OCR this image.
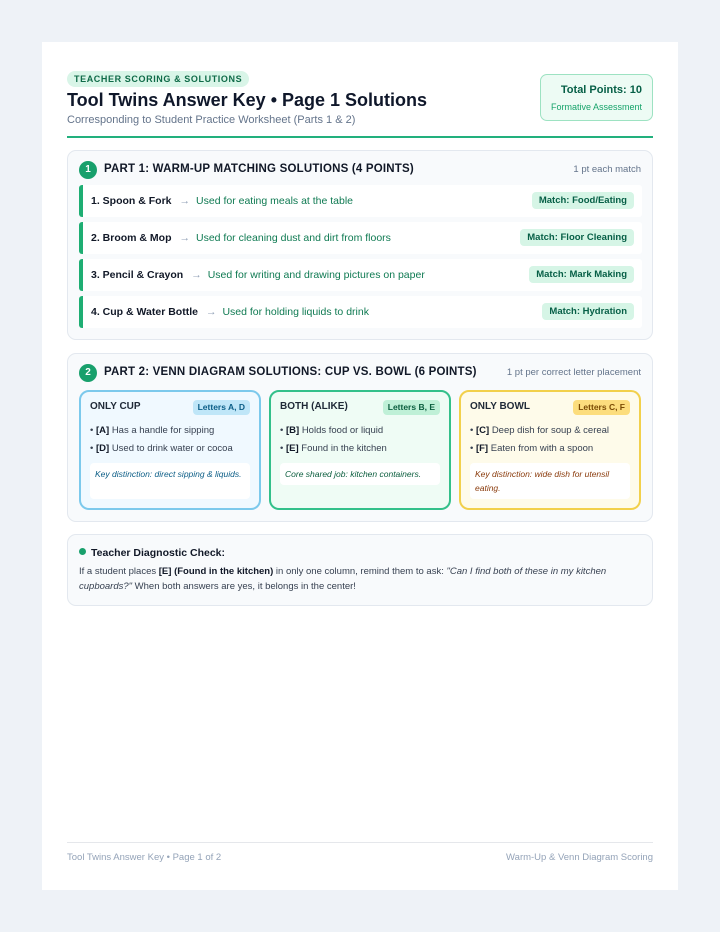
TEACHER SCORING & SOLUTIONS
Tool Twins Answer Key • Page 1 Solutions
Corresponding to Student Practice Worksheet (Parts 1 & 2)
Total Points: 10
Formative Assessment
1	PART 1: WARM-UP MATCHING SOLUTIONS (4 POINTS)	1 pt each match
1. Spoon & Fork → Used for eating meals at the table	Match: Food/Eating
2. Broom & Mop → Used for cleaning dust and dirt from floors	Match: Floor Cleaning
3. Pencil & Crayon → Used for writing and drawing pictures on paper	Match: Mark Making
4. Cup & Water Bottle → Used for holding liquids to drink	Match: Hydration
2	PART 2: VENN DIAGRAM SOLUTIONS: CUP VS. BOWL (6 POINTS)	1 pt per correct letter placement
ONLY CUP	Letters A, D
• [A] Has a handle for sipping
• [D] Used to drink water or cocoa
Key distinction: direct sipping & liquids.
BOTH (ALIKE)	Letters B, E
• [B] Holds food or liquid
• [E] Found in the kitchen
Core shared job: kitchen containers.
ONLY BOWL	Letters C, F
• [C] Deep dish for soup & cereal
• [F] Eaten from with a spoon
Key distinction: wide dish for utensil eating.
Teacher Diagnostic Check:
If a student places [E] (Found in the kitchen) in only one column, remind them to ask: "Can I find both of these in my kitchen cupboards?" When both answers are yes, it belongs in the center!
Tool Twins Answer Key • Page 1 of 2	Warm-Up & Venn Diagram Scoring
